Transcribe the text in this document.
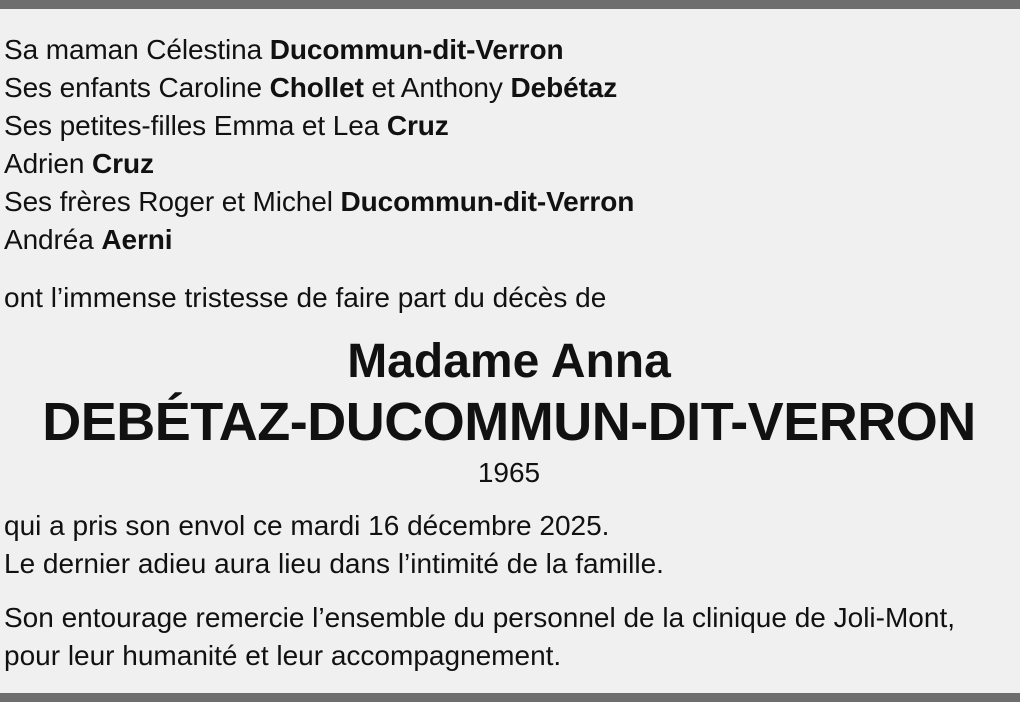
Sa maman Célestina Ducommun-dit-Verron
Ses enfants Caroline Chollet et Anthony Debétaz
Ses petites-filles Emma et Lea Cruz
Adrien Cruz
Ses frères Roger et Michel Ducommun-dit-Verron
Andréa Aerni
ont l’immense tristesse de faire part du décès de
Madame Anna
DEBÉTAZ-DUCOMMUN-DIT-VERRON
1965
qui a pris son envol ce mardi 16 décembre 2025.
Le dernier adieu aura lieu dans l’intimité de la famille.
Son entourage remercie l’ensemble du personnel de la clinique de Joli-Mont,
pour leur humanité et leur accompagnement.
